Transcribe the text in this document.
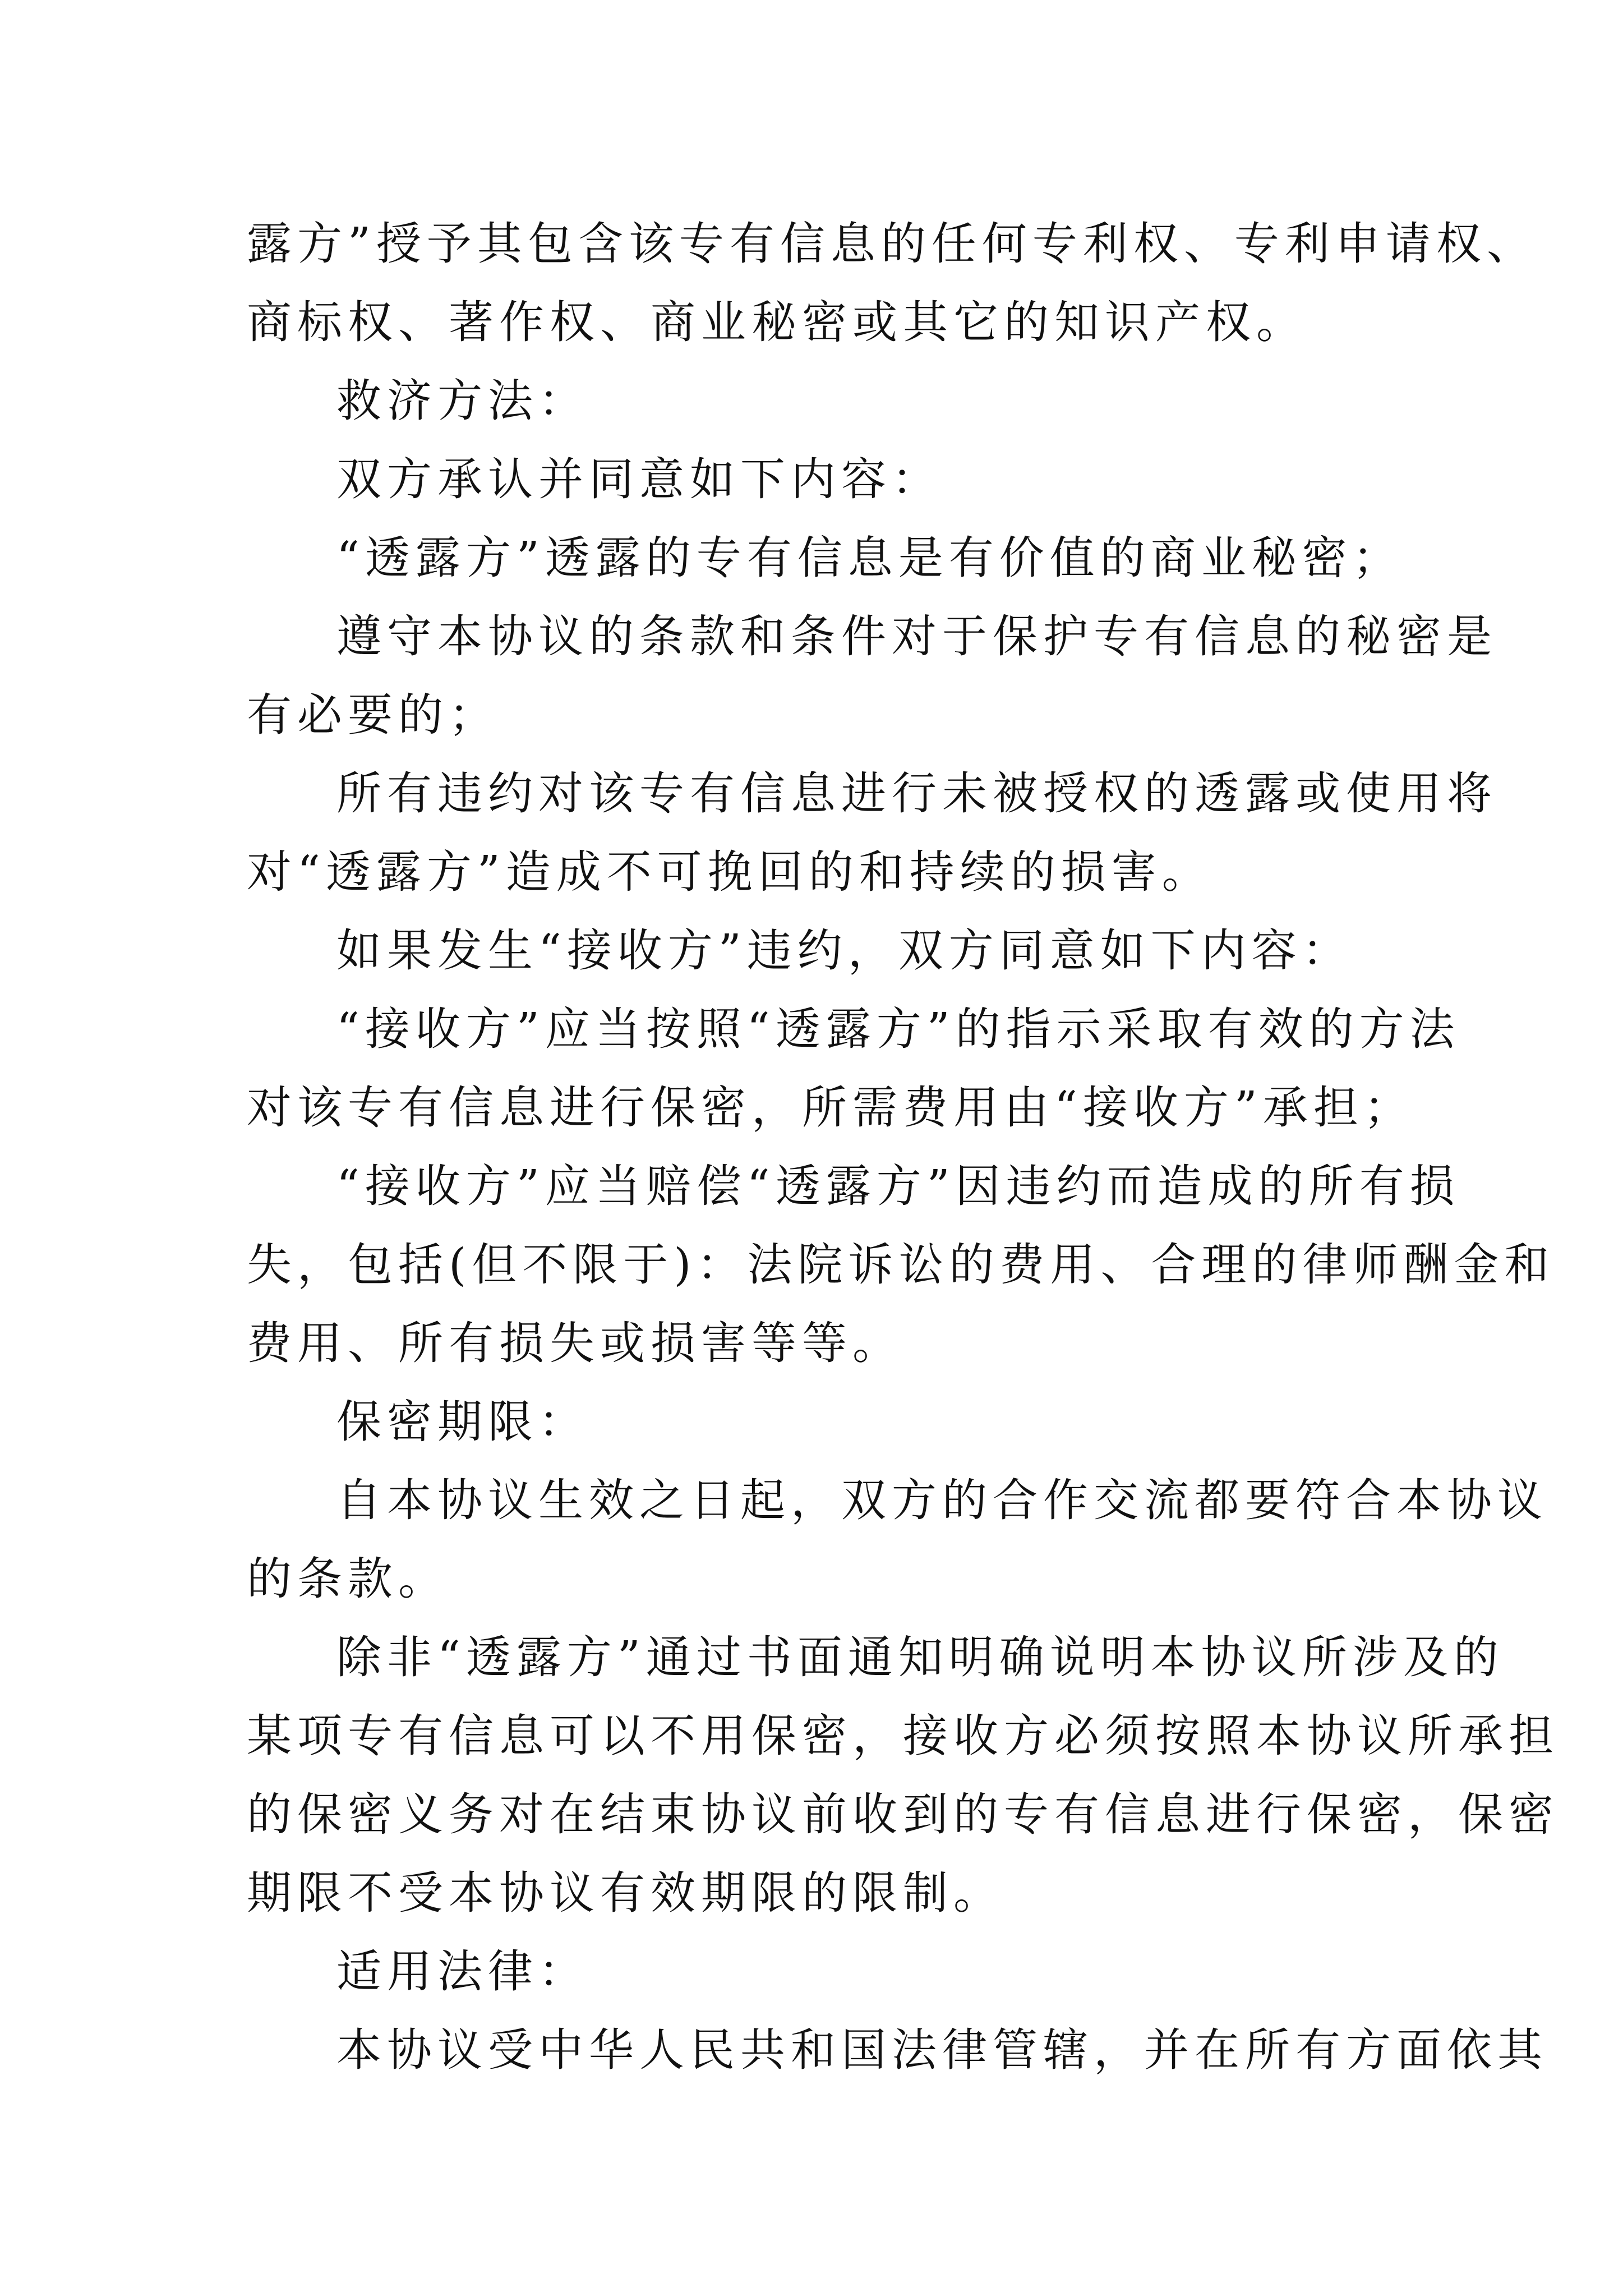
露方”授予其包含该专有信息的任何专利权、专利申请权、
商标权、著作权、商业秘密或其它的知识产权。
救济方法：
双方承认并同意如下内容：
“透露方”透露的专有信息是有价值的商业秘密；
遵守本协议的条款和条件对于保护专有信息的秘密是
有必要的；
所有违约对该专有信息进行未被授权的透露或使用将
对“透露方”造成不可挽回的和持续的损害。
如果发生“接收方”违约，双方同意如下内容：
“接收方”应当按照“透露方”的指示采取有效的方法
对该专有信息进行保密，所需费用由“接收方”承担；
“接收方”应当赔偿“透露方”因违约而造成的所有损
失，包括(但不限于)：法院诉讼的费用、合理的律师酬金和
费用、所有损失或损害等等。
保密期限：
自本协议生效之日起，双方的合作交流都要符合本协议
的条款。
除非“透露方”通过书面通知明确说明本协议所涉及的
某项专有信息可以不用保密，接收方必须按照本协议所承担
的保密义务对在结束协议前收到的专有信息进行保密，保密
期限不受本协议有效期限的限制。
适用法律：
本协议受中华人民共和国法律管辖，并在所有方面依其
